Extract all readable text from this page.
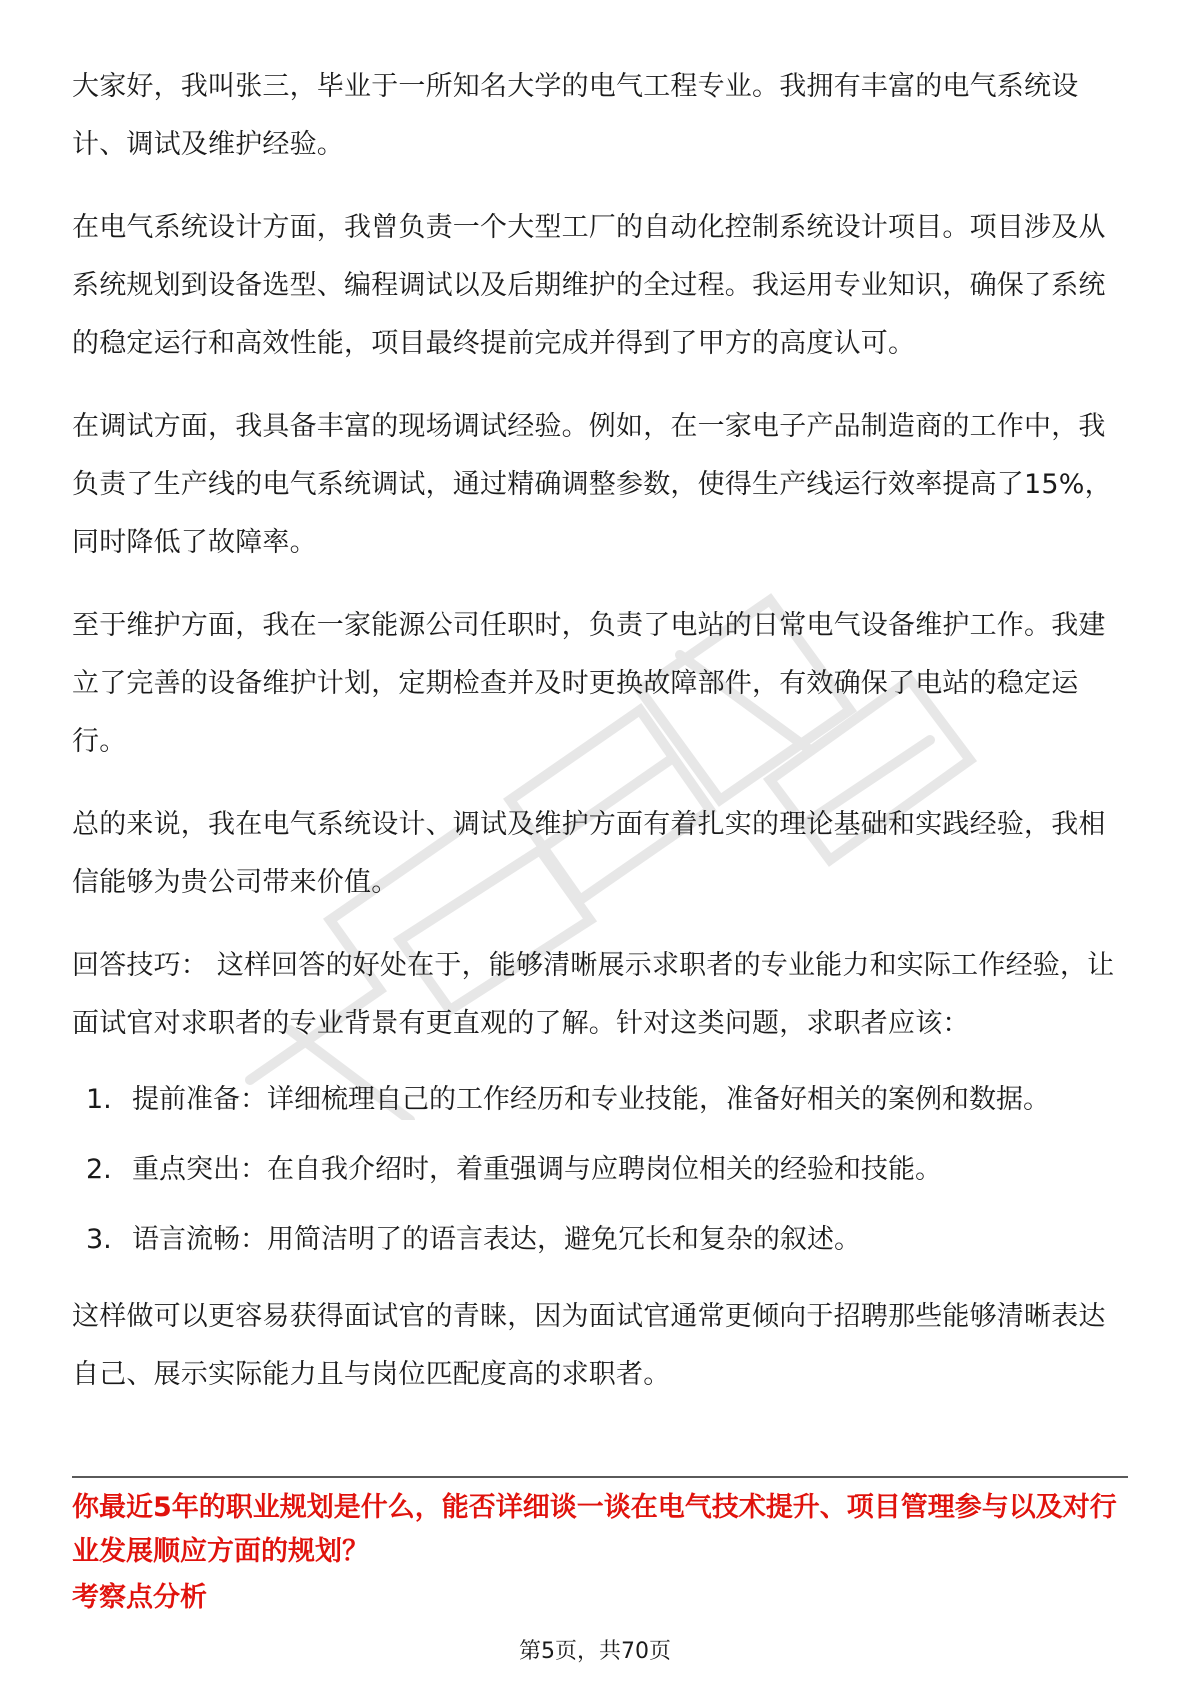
大家好，我叫张三，毕业于一所知名大学的电气工程专业。我拥有丰富的电气系统设计、调试及维护经验。

在电气系统设计方面，我曾负责一个大型工厂的自动化控制系统设计项目。项目涉及从系统规划到设备选型、编程调试以及后期维护的全过程。我运用专业知识，确保了系统的稳定运行和高效性能，项目最终提前完成并得到了甲方的高度认可。

在调试方面，我具备丰富的现场调试经验。例如，在一家电子产品制造商的工作中，我负责了生产线的电气系统调试，通过精确调整参数，使得生产线运行效率提高了15%，同时降低了故障率。

至于维护方面，我在一家能源公司任职时，负责了电站的日常电气设备维护工作。我建立了完善的设备维护计划，定期检查并及时更换故障部件，有效确保了电站的稳定运行。

总的来说，我在电气系统设计、调试及维护方面有着扎实的理论基础和实践经验，我相信能够为贵公司带来价值。

回答技巧： 这样回答的好处在于，能够清晰展示求职者的专业能力和实际工作经验，让面试官对求职者的专业背景有更直观的了解。针对这类问题，求职者应该：

1. 提前准备：详细梳理自己的工作经历和专业技能，准备好相关的案例和数据。
2. 重点突出：在自我介绍时，着重强调与应聘岗位相关的经验和技能。
3. 语言流畅：用简洁明了的语言表达，避免冗长和复杂的叙述。

这样做可以更容易获得面试官的青睐，因为面试官通常更倾向于招聘那些能够清晰表达自己、展示实际能力且与岗位匹配度高的求职者。

你最近5年的职业规划是什么，能否详细谈一谈在电气技术提升、项目管理参与以及对行业发展顺应方面的规划？

考察点分析

第5页，共70页
